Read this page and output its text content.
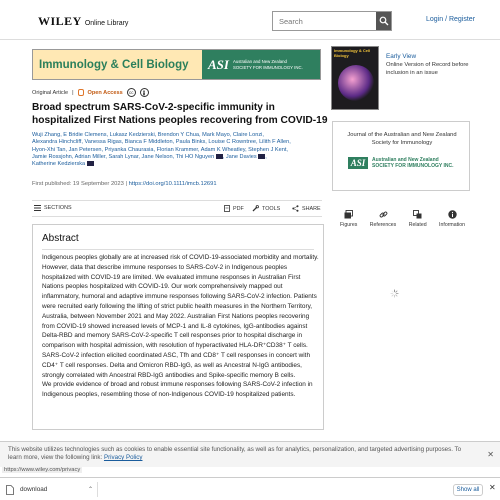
WILEY Online Library
Search
Login / Register
Immunology & Cell Biology	ASI Australian and New Zealand
SOCIETY FOR IMMUNOLOGY INC.
Original Article |	Open Access	cc
Broad spectrum SARS-CoV-2-specific immunity in hospitalized First Nations peoples recovering from COVID-19
Wuji Zhang, E Bridie Clemens, Lukasz Kedzierski, Brendon Y Chua, Mark Mayo, Claire Lonzi,
Alexandra Hinchcliff, Vanessa Rigas, Bianca F Middleton, Paula Binks, Louise C Rowntree, Lilith F Allen,
Hyon-Xhi Tan, Jan Petersen, Priyanka Chaurasia, Florian Krammer, Adam K Wheatley, Stephen J Kent,
Jamie Rossjohn, Adrian Miller, Sarah Lynar, Jane Nelson, Thi HO Nguyen , Jane Davies ,
Katherine Kedzierska
First published: 19 September 2023 | https://doi.org/10.1111/imcb.12691
SECTIONS	PDF	TOOLS	SHARE
Abstract

Indigenous peoples globally are at increased risk of COVID-19-associated morbidity and mortality. However, data that describe immune responses to SARS-CoV-2 in Indigenous peoples hospitalized with COVID-19 are limited. We evaluated immune responses in Australian First Nations peoples hospitalized with COVID-19. Our work comprehensively mapped out inflammatory, humoral and adaptive immune responses following SARS-CoV-2 infection. Patients were recruited early following the lifting of strict public health measures in the Northern Territory, Australia, between November 2021 and May 2022. Australian First Nations peoples recovering from COVID-19 showed increased levels of MCP-1 and IL-8 cytokines, IgG-antibodies against Delta-RBD and memory SARS-CoV-2-specific T cell responses prior to hospital discharge in comparison with hospital admission, with resolution of hyperactivated HLA-DR⁺CD38⁺ T cells. SARS-CoV-2 infection elicited coordinated ASC, Tfh and CD8⁺ T cell responses in concert with CD4⁺ T cell responses. Delta and Omicron RBD-IgG, as well as Ancestral N-IgG antibodies, strongly correlated with Ancestral RBD-IgG antibodies and Spike-specific memory B cells.
We provide evidence of broad and robust immune responses following SARS-CoV-2 infection in Indigenous peoples, resembling those of non-Indigenous COVID-19 hospitalized patients.

Immunology & Cell Biology	Early View
Online Version of Record before inclusion in an issue
Journal of the Australian and New Zealand Society for Immunology
ASI	Australian and New Zealand
SOCIETY FOR IMMUNOLOGY INC.
Figures References Related Information

This website utilizes technologies such as cookies to enable essential site functionality, as well as for analytics, personalization, and targeted advertising purposes. To learn more, view the following link: Privacy Policy	✕
https://www.wiley.com/privacy
download	⌃	Show all	✕
